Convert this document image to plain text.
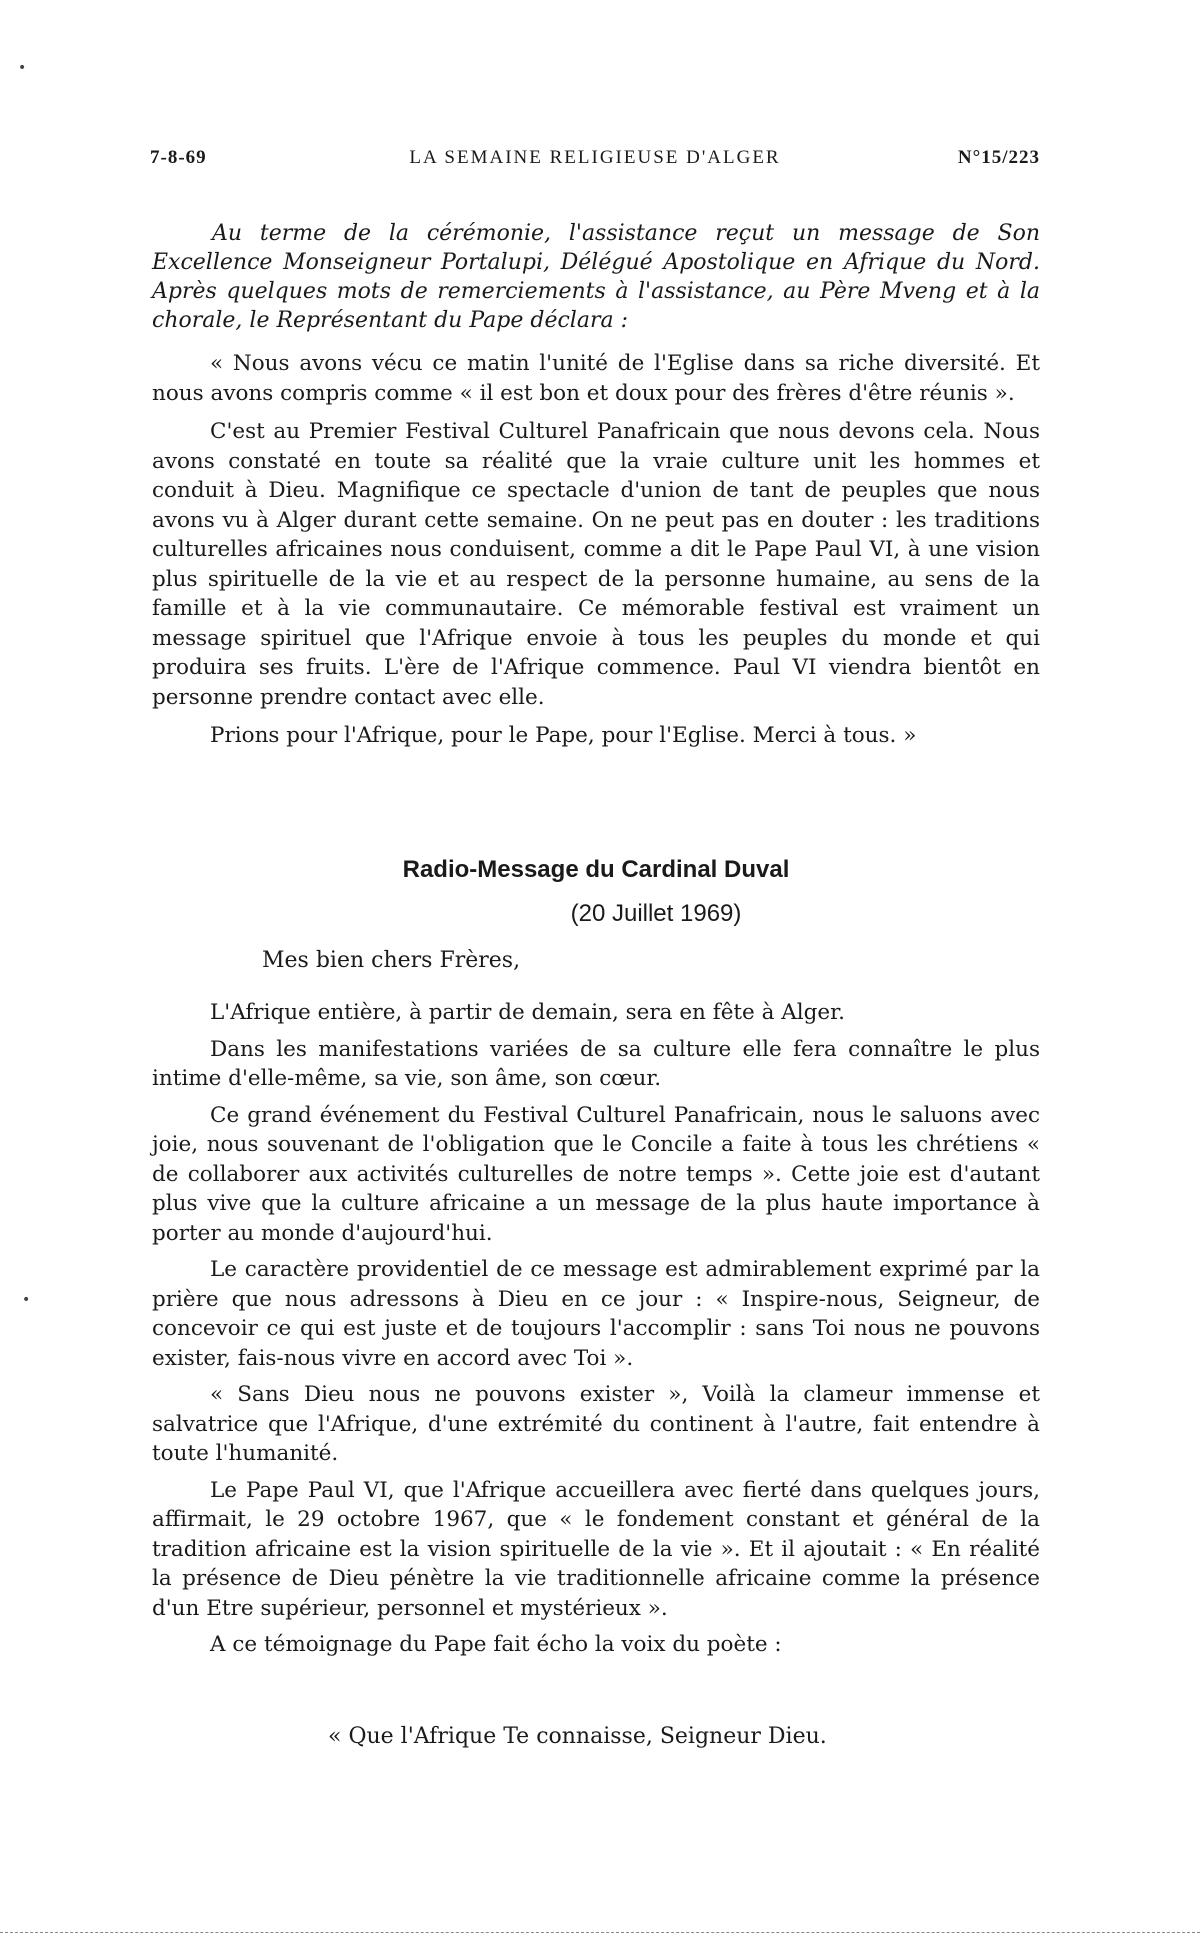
7-8-69	LA SEMAINE RELIGIEUSE D'ALGER	N°15/223
Au terme de la cérémonie, l'assistance reçut un message de Son Excellence Monseigneur Portalupi, Délégué Apostolique en Afrique du Nord. Après quelques mots de remerciements à l'assistance, au Père Mveng et à la chorale, le Représentant du Pape déclara :

« Nous avons vécu ce matin l'unité de l'Eglise dans sa riche diversité. Et nous avons compris comme « il est bon et doux pour des frères d'être réunis ».

C'est au Premier Festival Culturel Panafricain que nous devons cela. Nous avons constaté en toute sa réalité que la vraie culture unit les hommes et conduit à Dieu. Magnifique ce spectacle d'union de tant de peuples que nous avons vu à Alger durant cette semaine. On ne peut pas en douter : les traditions culturelles africaines nous conduisent, comme a dit le Pape Paul VI, à une vision plus spirituelle de la vie et au respect de la personne humaine, au sens de la famille et à la vie communautaire. Ce mémorable festival est vraiment un message spirituel que l'Afrique envoie à tous les peuples du monde et qui produira ses fruits. L'ère de l'Afrique commence. Paul VI viendra bientôt en personne prendre contact avec elle.

Prions pour l'Afrique, pour le Pape, pour l'Eglise. Merci à tous. »

Radio-Message du Cardinal Duval
(20 Juillet 1969)
Mes bien chers Frères,

L'Afrique entière, à partir de demain, sera en fête à Alger.

Dans les manifestations variées de sa culture elle fera connaître le plus intime d'elle-même, sa vie, son âme, son cœur.

Ce grand événement du Festival Culturel Panafricain, nous le saluons avec joie, nous souvenant de l'obligation que le Concile a faite à tous les chrétiens « de collaborer aux activités culturelles de notre temps ». Cette joie est d'autant plus vive que la culture africaine a un message de la plus haute importance à porter au monde d'aujourd'hui.

Le caractère providentiel de ce message est admirablement exprimé par la prière que nous adressons à Dieu en ce jour : « Inspire-nous, Seigneur, de concevoir ce qui est juste et de toujours l'accomplir : sans Toi nous ne pouvons exister, fais-nous vivre en accord avec Toi ».

« Sans Dieu nous ne pouvons exister », Voilà la clameur immense et salvatrice que l'Afrique, d'une extrémité du continent à l'autre, fait entendre à toute l'humanité.

Le Pape Paul VI, que l'Afrique accueillera avec fierté dans quelques jours, affirmait, le 29 octobre 1967, que « le fondement constant et général de la tradition africaine est la vision spirituelle de la vie ». Et il ajoutait : « En réalité la présence de Dieu pénètre la vie traditionnelle africaine comme la présence d'un Etre supérieur, personnel et mystérieux ».

A ce témoignage du Pape fait écho la voix du poète :

« Que l'Afrique Te connaisse, Seigneur Dieu.
•
•
